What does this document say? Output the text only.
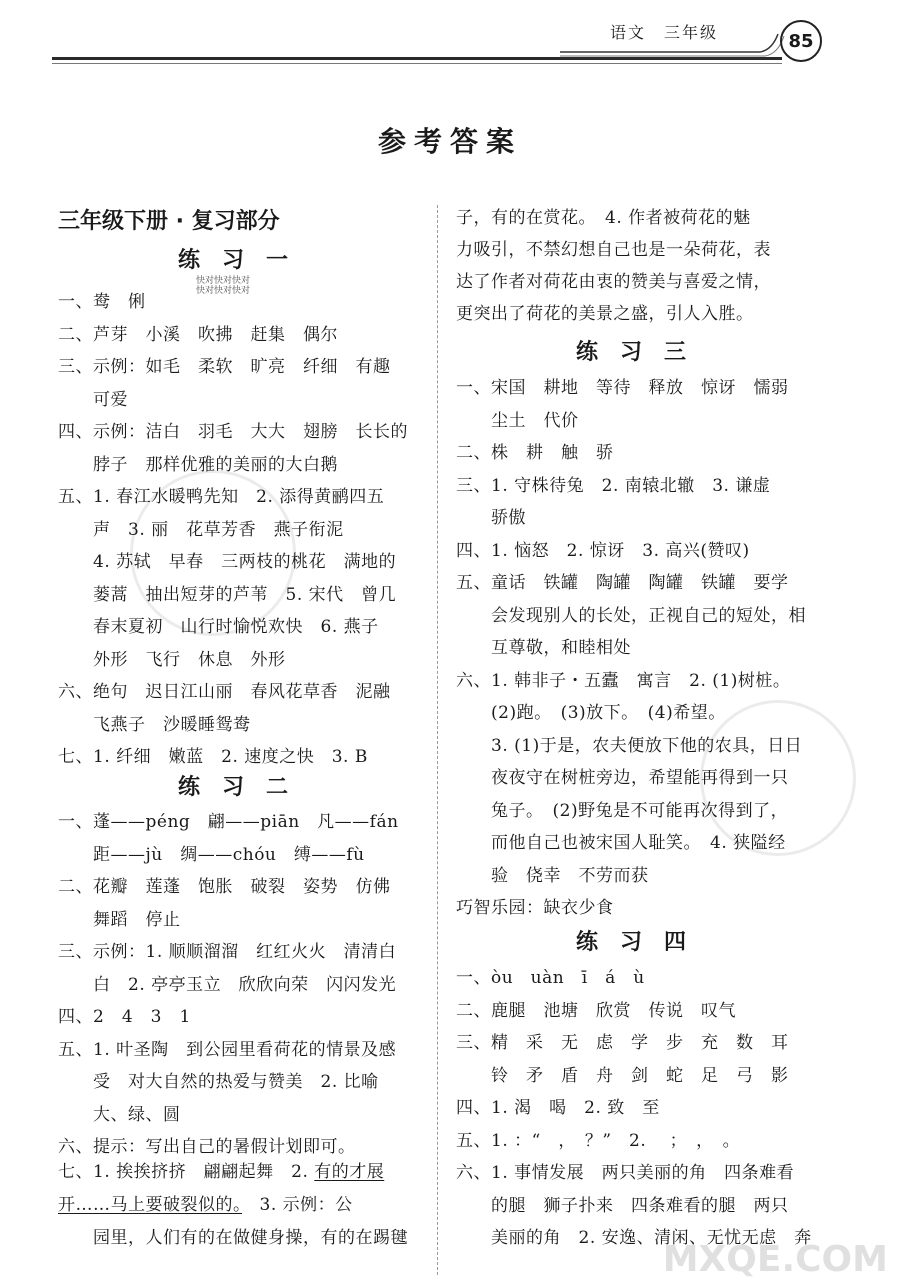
语文　三年级	85
参考答案
三年级下册 · 复习部分
练习一
快对快对快对
快对快对快对
一、鸯　俐
二、芦芽　小溪　吹拂　赶集　偶尔
三、示例：如毛　柔软　旷亮　纤细　有趣
　　可爱
四、示例：洁白　羽毛　大大　翅膀　长长的
　　脖子　那样优雅的美丽的大白鹅
五、1. 春江水暖鸭先知　2. 添得黄鹂四五
　　声　3. 丽　花草芳香　燕子衔泥
　　4. 苏轼　早春　三两枝的桃花　满地的
　　蒌蒿　抽出短芽的芦苇　5. 宋代　曾几
　　春末夏初　山行时愉悦欢快　6. 燕子
　　外形　飞行　休息　外形
六、绝句　迟日江山丽　春风花草香　泥融
　　飞燕子　沙暖睡鸳鸯
七、1. 纤细　嫩蓝　2. 速度之快　3. B
练习二
一、蓬——péng　翩——piān　凡——fán
　　距——jù　绸——chóu　缚——fù
二、花瓣　莲蓬　饱胀　破裂　姿势　仿佛
　　舞蹈　停止
三、示例：1. 顺顺溜溜　红红火火　清清白
　　白　2. 亭亭玉立　欣欣向荣　闪闪发光
四、2　4　3　1
五、1. 叶圣陶　到公园里看荷花的情景及感
　　受　对大自然的热爱与赞美　2. 比喻
　　大、绿、圆
六、提示：写出自己的暑假计划即可。
七、1. 挨挨挤挤　翩翩起舞　2. 有的才展
开……马上要破裂似的。　3. 示例：公
　　园里，人们有的在做健身操，有的在踢毽
子，有的在赏花。　4. 作者被荷花的魅
力吸引，不禁幻想自己也是一朵荷花，表
达了作者对荷花由衷的赞美与喜爱之情，
更突出了荷花的美景之盛，引人入胜。
练习三
一、宋国　耕地　等待　释放　惊讶　懦弱
　　尘土　代价
二、株　耕　触　骄
三、1. 守株待兔　2. 南辕北辙　3. 谦虚
　　骄傲
四、1. 恼怒　2. 惊讶　3. 高兴(赞叹)
五、童话　铁罐　陶罐　陶罐　铁罐　要学
　　会发现别人的长处，正视自己的短处，相
　　互尊敬，和睦相处
六、1. 韩非子・五蠹　寓言　2. (1)树桩。
　　(2)跑。　(3)放下。　(4)希望。
　　3. (1)于是，农夫便放下他的农具，日日
　　夜夜守在树桩旁边，希望能再得到一只
　　兔子。　(2)野兔是不可能再次得到了，
　　而他自己也被宋国人耻笑。　4. 狭隘经
　　验　侥幸　不劳而获
巧智乐园：缺衣少食
练习四
一、òu　uàn　ī　á　ù
二、鹿腿　池塘　欣赏　传说　叹气
三、精　采　无　虑　学　步　充　数　耳
　　铃　矛　盾　舟　剑　蛇　足　弓　影
四、1. 渴　喝　2. 致　至
五、1. ：“　，　？”　2. 　；　，　。
六、1. 事情发展　两只美丽的角　四条难看
　　的腿　狮子扑来　四条难看的腿　两只
　　美丽的角　2. 安逸、清闲、无忧无虑　奔
MXQE.COM
